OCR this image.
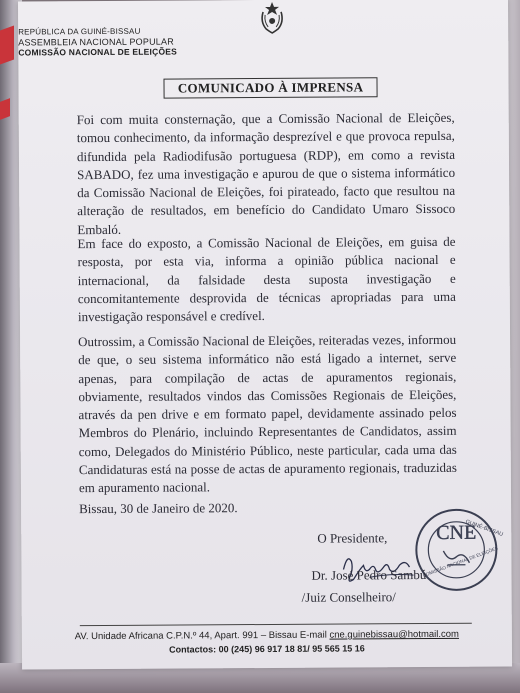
REPÚBLICA DA GUINÉ-BISSAU
ASSEMBLEIA NACIONAL POPULAR
COMISSÃO NACIONAL DE ELEIÇÕES
COMUNICADO À IMPRENSA
Foi com muita consternação, que a Comissão Nacional de Eleições, tomou conhecimento, da informação desprezível e que provoca repulsa, difundida pela Radiodifusão portuguesa (RDP), em como a revista SABADO, fez uma investigação e apurou de que o sistema informático da Comissão Nacional de Eleições, foi pirateado, facto que resultou na alteração de resultados, em benefício do Candidato Umaro Sissoco Embaló.
Em face do exposto, a Comissão Nacional de Eleições, em guisa de resposta, por esta via, informa a opinião pública nacional e internacional, da falsidade desta suposta investigação e concomitantemente desprovida de técnicas apropriadas para uma investigação responsável e credível.
Outrossim, a Comissão Nacional de Eleições, reiteradas vezes, informou de que, o seu sistema informático não está ligado a internet, serve apenas, para compilação de actas de apuramentos regionais, obviamente, resultados vindos das Comissões Regionais de Eleições, através da pen drive e em formato papel, devidamente assinado pelos Membros do Plenário, incluindo Representantes de Candidatos, assim como, Delegados do Ministério Público, neste particular, cada uma das Candidaturas está na posse de actas de apuramento regionais, traduzidas em apuramento nacional.
Bissau, 30 de Janeiro de 2020.
O Presidente, CNE
GUINÉ-BISSAU
COMISSÃO NACIONAL DE ELEIÇÕES
Dr. José Pedro Sambú
/Juiz Conselheiro/
AV. Unidade Africana C.P.N.º 44, Apart. 991 – Bissau E-mail cne.guinebissau@hotmail.com
Contactos: 00 (245) 96 917 18 81/ 95 565 15 16
